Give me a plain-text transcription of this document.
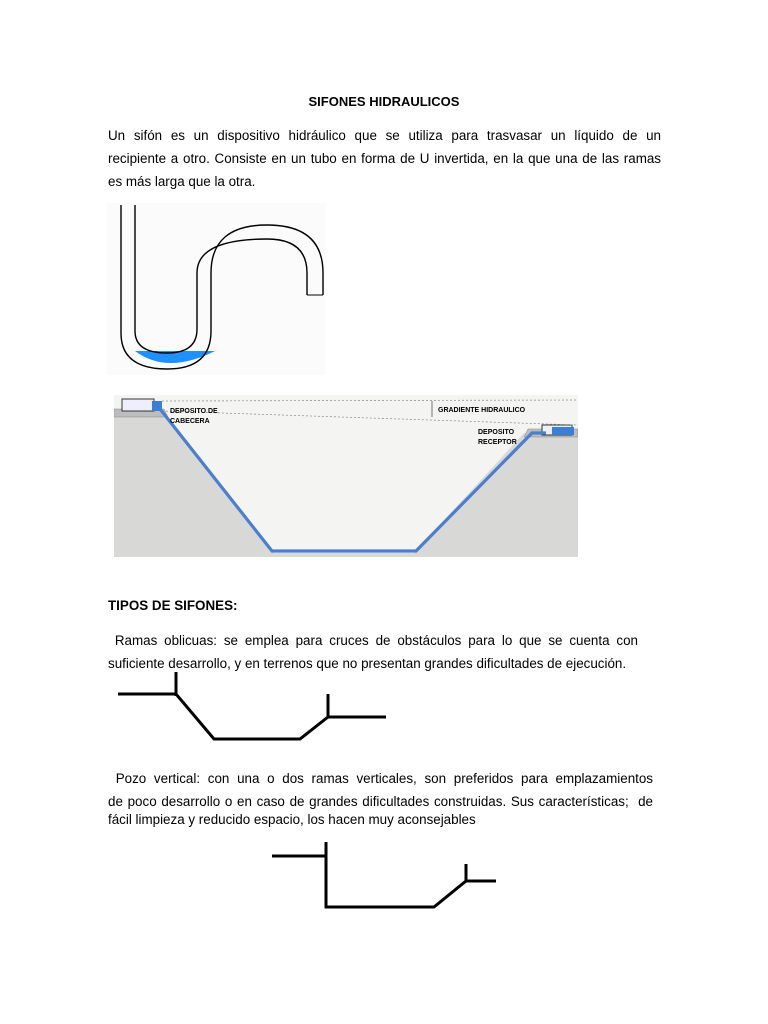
SIFONES HIDRAULICOS
Un sifón es un dispositivo hidráulico que se utiliza para trasvasar un líquido de un
recipiente a otro. Consiste en un tubo en forma de U invertida, en la que una de las ramas
es más larga que la otra.
DEPOSITO DE
CABECERA
GRADIENTE HIDRAULICO
DEPOSITO
RECEPTOR
TIPOS DE SIFONES:
Ramas oblicuas: se emplea para cruces de obstáculos para lo que se cuenta con
suficiente desarrollo, y en terrenos que no presentan grandes dificultades de ejecución.
Pozo vertical: con una o dos ramas verticales, son preferidos para emplazamientos
de poco desarrollo o en caso de grandes dificultades construidas. Sus características;  de
fácil limpieza y reducido espacio, los hacen muy aconsejables
